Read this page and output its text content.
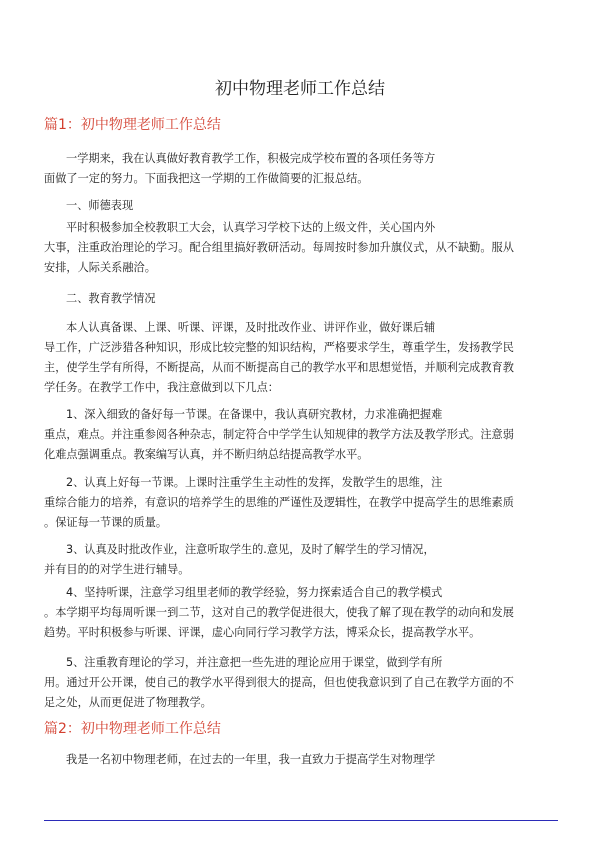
初中物理老师工作总结
篇1：初中物理老师工作总结

一学期来，我在认真做好教育教学工作，积极完成学校布置的各项任务等方
面做了一定的努力。下面我把这一学期的工作做简要的汇报总结。

一、师德表现

平时积极参加全校教职工大会，认真学习学校下达的上级文件，关心国内外
大事，注重政治理论的学习。配合组里搞好教研活动。每周按时参加升旗仪式，从不缺勤。服从
安排，人际关系融洽。

二、教育教学情况

本人认真备课、上课、听课、评课，及时批改作业、讲评作业，做好课后辅
导工作，广泛涉猎各种知识，形成比较完整的知识结构，严格要求学生，尊重学生，发扬教学民
主，使学生学有所得，不断提高，从而不断提高自己的教学水平和思想觉悟，并顺利完成教育教
学任务。在教学工作中，我注意做到以下几点：

1、深入细致的备好每一节课。在备课中，我认真研究教材，力求准确把握难
重点，难点。并注重参阅各种杂志，制定符合中学学生认知规律的教学方法及教学形式。注意弱
化难点强调重点。教案编写认真，并不断归纳总结提高教学水平。

2、认真上好每一节课。上课时注重学生主动性的发挥，发散学生的思维，注
重综合能力的培养，有意识的培养学生的思维的严谨性及逻辑性，在教学中提高学生的思维素质
。保证每一节课的质量。

3、认真及时批改作业，注意听取学生的.意见，及时了解学生的学习情况，
并有目的的对学生进行辅导。

4、坚持听课，注意学习组里老师的教学经验，努力探索适合自己的教学模式
。本学期平均每周听课一到二节，这对自己的教学促进很大，使我了解了现在教学的动向和发展
趋势。平时积极参与听课、评课，虚心向同行学习教学方法，博采众长，提高教学水平。

5、注重教育理论的学习，并注意把一些先进的理论应用于课堂，做到学有所
用。通过开公开课，使自己的教学水平得到很大的提高，但也使我意识到了自己在教学方面的不
足之处，从而更促进了物理教学。

篇2：初中物理老师工作总结

我是一名初中物理老师，在过去的一年里，我一直致力于提高学生对物理学
